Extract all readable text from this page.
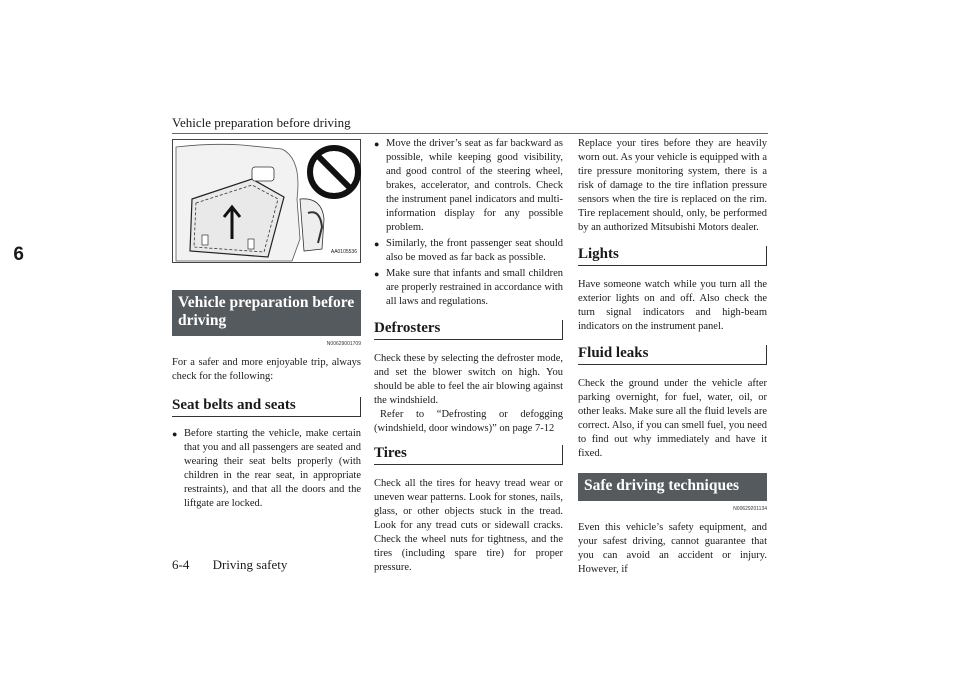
Vehicle preparation before driving
6	AA0105536
Vehicle preparation before driving
N00629001709

For a safer and more enjoyable trip, always check for the following:

Seat belts and seats

● Before starting the vehicle, make certain that you and all passengers are seated and wearing their seat belts properly (with children in the rear seat, in appropriate restraints), and that all the doors and the liftgate are locked.

● Move the driver’s seat as far backward as possible, while keeping good visibility, and good control of the steering wheel, brakes, accelerator, and controls. Check the instrument panel indicators and multi-information display for any possible problem.

● Similarly, the front passenger seat should also be moved as far back as possible.

● Make sure that infants and small children are properly restrained in accordance with all laws and regulations.

Defrosters

Check these by selecting the defroster mode, and set the blower switch on high. You should be able to feel the air blowing against the windshield.

Refer to “Defrosting or defogging (windshield, door windows)” on page 7-12

Tires

Check all the tires for heavy tread wear or uneven wear patterns. Look for stones, nails, glass, or other objects stuck in the tread. Look for any tread cuts or sidewall cracks. Check the wheel nuts for tightness, and the tires (including spare tire) for proper pressure.

Replace your tires before they are heavily worn out. As your vehicle is equipped with a tire pressure monitoring system, there is a risk of damage to the tire inflation pressure sensors when the tire is replaced on the rim. Tire replacement should, only, be performed by an authorized Mitsubishi Motors dealer.

Lights

Have someone watch while you turn all the exterior lights on and off. Also check the turn signal indicators and high-beam indicators on the instrument panel.

Fluid leaks

Check the ground under the vehicle after parking overnight, for fuel, water, oil, or other leaks. Make sure all the fluid levels are correct. Also, if you can smell fuel, you need to find out why immediately and have it fixed.

Safe driving techniques
N00629201134

Even this vehicle’s safety equipment, and your safest driving, cannot guarantee that you can avoid an accident or injury. However, if

6-4 Driving safety
